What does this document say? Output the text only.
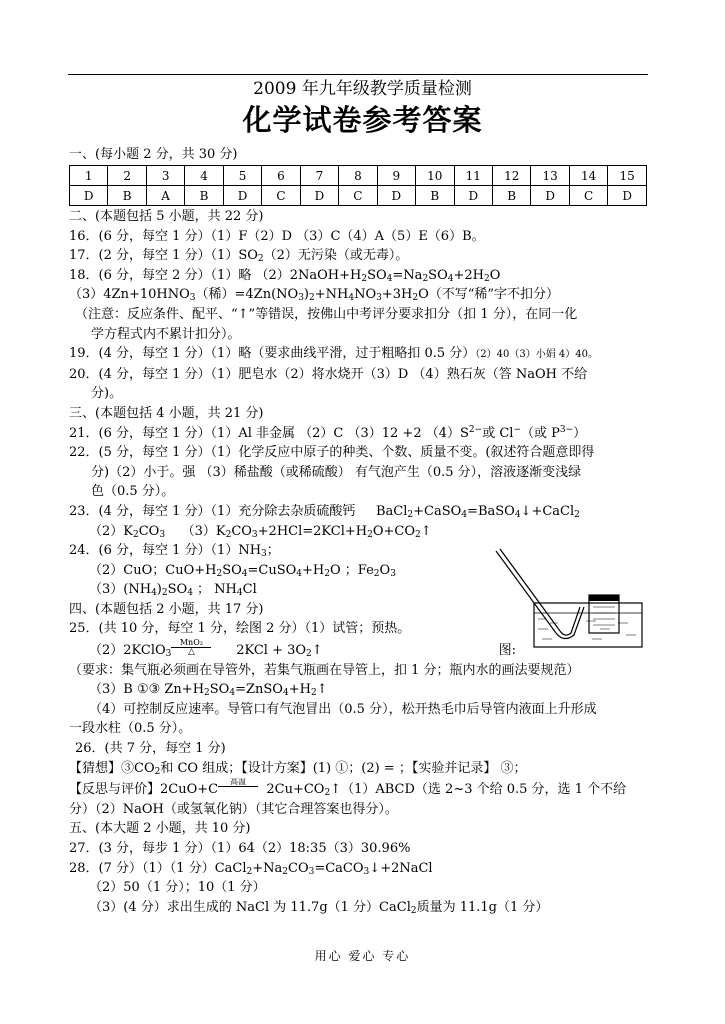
2009 年九年级教学质量检测
化学试卷参考答案
一、(每小题 2 分，共 30 分)
1	2	3	4	5	6	7	8	9	10	11	12	13	14	15
D	B	A	B	D	C	D	C	D	B	D	B	D	C	D
二、(本题包括 5 小题，共 22 分)
16．(6 分，每空 1 分）（1）F（2）D （3）C（4）A（5）E（6）B。
17．(2 分，每空 1 分）$(1)SO_2(2)$无污染（或无毒）。
18．(6 分，每空 2 分）（1）略 $(2)2NaOH+H_2SO_4=Na_2SO_4+2H_2O$
$(3)4Zn+10HNO_3$（稀）$=4Zn(NO_3)_2+NH_4NO_3+3H_2O$（不写“稀”字不扣分）
（注意：反应条件、配平、“↑”等错误，按佛山中考评分要求扣分（扣 1 分），在同一化
学方程式内不累计扣分）。
19．(4 分，每空 1 分）（1）略（要求曲线平滑，过于粗略扣 0.5 分）（2）40（3）小娟 4）40。
20．(4 分，每空 1 分）（1）肥皂水（2）将水烧开（3）D （4）熟石灰（答 NaOH 不给
分)。
三、(本题包括 4 小题，共 21 分)
21．(6 分，每空 1 分）（1）Al 非金属 （2）C （3）12 +2 $(4)S^{2-}$或 Cl−（或 $P^{3-}$）
22．(5 分，每空 1 分）（1）化学反应中原子的种类、个数、质量不变。(叙述符合题意即得
分)（2）小于。强 （3）稀盐酸（或稀硫酸） 有气泡产生（0.5 分），溶液逐渐变浅绿
色（0.5 分）。
23．(4 分，每空 1 分）（1）充分除去杂质硫酸钙 BaCl$_2$+CaSO$_4$=BaSO$_4$↓+CaCl$_2$
$(2)K_2CO_3$ $(3)K_2CO_3+2HCl=2KCl+H_2O+CO_2↑$
24．(6 分，每空 1 分）$(1)NH_3$；
（2）CuO；$CuO+H_2SO_4=CuSO_4+H_2O$ ；$Fe_2O_3$
$(3)(NH_4)_2SO_4$ ； $NH_4Cl$
四、(本题包括 2 小题，共 17 分)
25．(共 10 分，每空 1 分，绘图 2 分）（1）试管；预热。
（2）2KClO$_3$
MnO₂
△	$2KCl + 3O_2↑$	图:
（要求：集气瓶必须画在导管外，若集气瓶画在导管上，扣 1 分；瓶内水的画法要规范）
（3）B ①③ $Zn+H_2SO_4=ZnSO_4+H_2↑$
（4）可控制反应速率。导管口有气泡冒出（0.5 分），松开热毛巾后导管内液面上升形成
一段水柱（0.5 分）。
26．(共 7 分，每空 1 分)
【猜想】$③CO_2$和 CO 组成；【设计方案】(1) ①；(2) = ；【实验并记录】 ③；
【反思与评价】2CuO+C
高温

$2Cu+CO_2↑(1)ABCD$（选 2~3 个给 0.5 分，选 1 个不给
分）（2）NaOH（或氢氧化钠）（其它合理答案也得分）。
五、(本大题 2 小题，共 10 分)
27．(3 分，每步 1 分）（1）64（2）18:35（3）30.96%
28．(7 分）（1）（1 分）$CaCl_2+Na_2CO_3=CaCO_3↓+2NaCl$
（2）50（1 分）；10（1 分）
（3）(4 分）求出生成的 NaCl 为 11.7g（1 分）CaCl$_2$质量为 11.1g（1 分）
用心 爱心 专心
